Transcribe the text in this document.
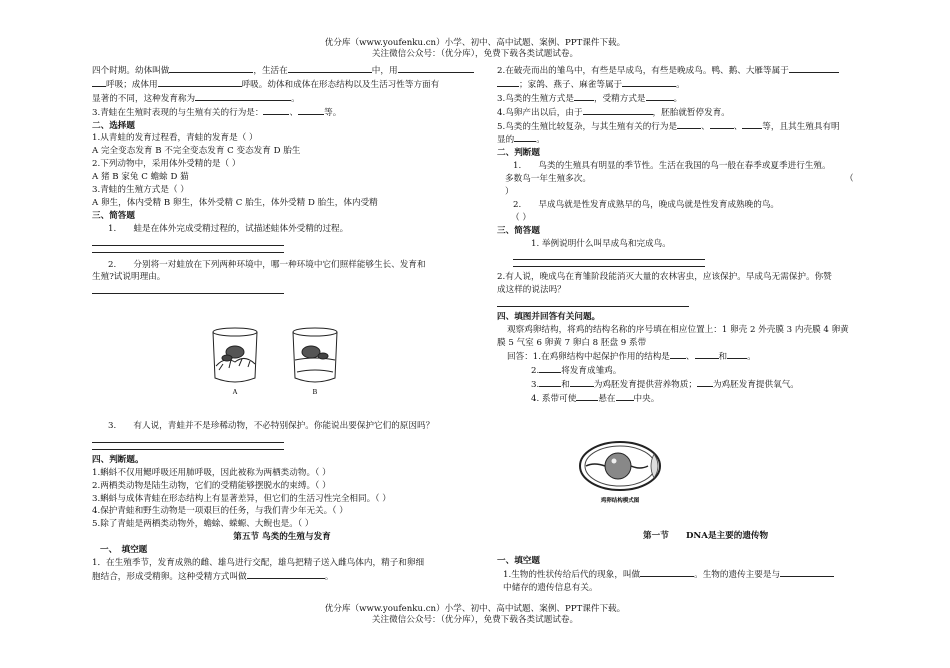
优分库（www.youfenku.cn）小学、初中、高中试题、案例、PPT课件下载。
关注微信公众号：（优分库），免费下载各类试题试卷。

四个时期。幼体叫做	，生活在	中，用

呼吸；成体用	呼吸。幼体和成体在形态结构以及生活习性等方面有

显著的不同，这种发育称为	。

3.青蛙在生殖时表现的与生殖有关的行为是：	、	等。

二、选择题

1.从青蛙的发育过程看，青蛙的发育是（ ）

A 完全变态发育 B 不完全变态发育 C 变态发育 D 胎生

2.下列动物中，采用体外受精的是（ ）

A 猪 B 家兔 C 蟾蜍 D 猫

3.青蛙的生殖方式是（ ）

A 卵生，体内受精 B 卵生，体外受精 C 胎生，体外受精 D 胎生，体内受精

三、简答题

1.　　蛙是在体外完成受精过程的，试描述蛙体外受精的过程。

2.　　分别将一对蛙放在下列两种环境中，哪一种环境中它们照样能够生长、发育和

生殖?试说明理由。

A	B

3.　　有人说，青蛙并不是珍稀动物，不必特别保护。你能说出要保护它们的原因吗？

四、判断题。

1.蝌蚪不仅用鳃呼吸还用肺呼吸，因此被称为两栖类动物。（ ）

2.两栖类动物是陆生动物，它们的受精能够摆脱水的束缚。（ ）

3.蝌蚪与成体青蛙在形态结构上有显著差异，但它们的生活习性完全相同。（ ）

4.保护青蛙和野生动物是一项艰巨的任务，与我们青少年无关。（ ）

5.除了青蛙是两栖类动物外，蟾蜍、蝾螈、大鲵也是。（ ）

第五节 鸟类的生殖与发育

一、　填空题

1．在生殖季节，发育成熟的雌、雄鸟进行交配，雄鸟把精子送入雌鸟体内，精子和卵细

胞结合，形成受精卵。这种受精方式叫做	。

2.在破壳而出的雏鸟中，有些是早成鸟，有些是晚成鸟。鸭、鹅、大雁等属于

；家鸽、燕子、麻雀等属于	。

3.鸟类的生殖方式是 ，受精方式是	。

4.鸟卵产出以后，由于	，胚胎就暂停发育。

5.鸟类的生殖比较复杂，与其生殖有关的行为是	、	、 等，且其生殖具有明

显的	。

二、判断题

1.　　鸟类的生殖具有明显的季节性。生活在我国的鸟一般在春季或夏季进行生殖。

多数鸟一年生殖多次。	（

）

2.　　早成鸟就是性发育成熟早的鸟，晚成鸟就是性发育成熟晚的鸟。

（ ）

三、简答题

1. 举例说明什么叫早成鸟和完成鸟。

2.有人说，晚成鸟在育雏阶段能消灭大量的农林害虫，应该保护。早成鸟无需保护。你赞

成这样的说法吗？

四、填图并回答有关问题。

观察鸡卵结构，将鸡的结构名称的序号填在相应位置上：1 卵壳 2 外壳膜 3 内壳膜 4 卵黄

膜 5 气室 6 卵黄 7 卵白 8 胚盘 9 系带

回答：1.在鸡卵结构中起保护作用的结构是 、	和 。

2.	将发育成雏鸡。

3.	和	为鸡胚发育提供营养物质； 为鸡胚发育提供氧气。

4. 系带可使	悬在 中央。

鸡卵结构模式图

第一节　　DNA是主要的遗传物

一、填空题

1.生物的性状传给后代的现象，叫做	。生物的遗传主要是与

中储存的遗传信息有关。

优分库（www.youfenku.cn）小学、初中、高中试题、案例、PPT课件下载。
关注微信公众号：（优分库），免费下载各类试题试卷。
